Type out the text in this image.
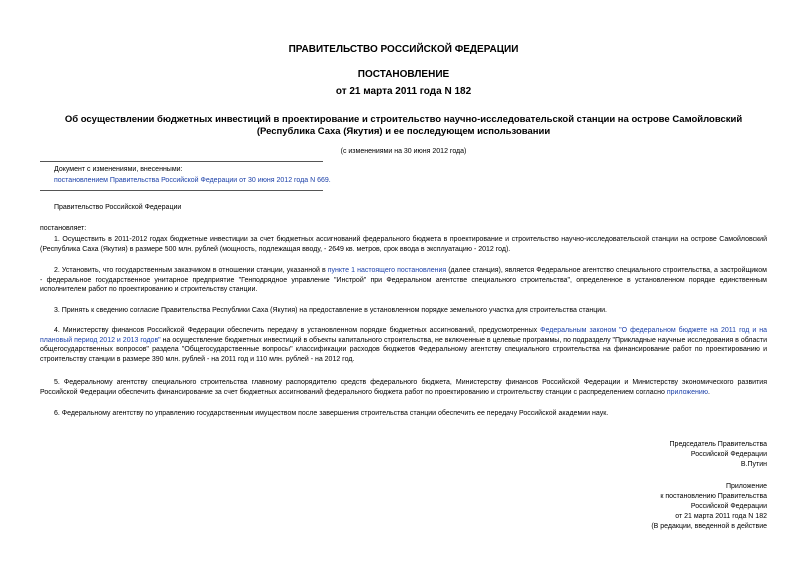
ПРАВИТЕЛЬСТВО РОССИЙСКОЙ ФЕДЕРАЦИИ
ПОСТАНОВЛЕНИЕ
от 21 марта 2011 года N 182
Об осуществлении бюджетных инвестиций в проектирование и строительство научно-исследовательской станции на острове Самойловский (Республика Саха (Якутия) и ее последующем использовании
(с изменениями на 30 июня 2012 года)
Документ с изменениями, внесенными:
постановлением Правительства Российской Федерации от 30 июня 2012 года N 669.
Правительство Российской Федерации
постановляет:
1. Осуществить в 2011-2012 годах бюджетные инвестиции за счет бюджетных ассигнований федерального бюджета в проектирование и строительство научно-исследовательской станции на острове Самойловский (Республика Саха (Якутия) в размере 500 млн. рублей (мощность, подлежащая вводу, - 2649 кв. метров, срок ввода в эксплуатацию - 2012 год).
2. Установить, что государственным заказчиком в отношении станции, указанной в пункте 1 настоящего постановления (далее станция), является Федеральное агентство специального строительства, а застройщиком - федеральное государственное унитарное предприятие "Генподрядное управление "Инстрой" при Федеральном агентстве специального строительства", определенное в установленном порядке единственным исполнителем работ по проектированию и строительству станции.
3. Принять к сведению согласие Правительства Республики Саха (Якутия) на предоставление в установленном порядке земельного участка для строительства станции.
4. Министерству финансов Российской Федерации обеспечить передачу в установленном порядке бюджетных ассигнований, предусмотренных Федеральным законом "О федеральном бюджете на 2011 год и на плановый период 2012 и 2013 годов" на осуществление бюджетных инвестиций в объекты капитального строительства, не включенные в целевые программы, по подразделу "Прикладные научные исследования в области общегосударственных вопросов" раздела "Общегосударственные вопросы" классификации расходов бюджетов Федеральному агентству специального строительства на финансирование работ по проектированию и строительству станции в размере 390 млн. рублей - на 2011 год и 110 млн. рублей - на 2012 год.
5. Федеральному агентству специального строительства главному распорядителю средств федерального бюджета, Министерству финансов Российской Федерации и Министерству экономического развития Российской Федерации обеспечить финансирование за счет бюджетных ассигнований федерального бюджета работ по проектированию и строительству станции с распределением согласно приложению.
6. Федеральному агентству по управлению государственным имуществом после завершения строительства станции обеспечить ее передачу Российской академии наук.
Председатель Правительства
Российской Федерации
В.Путин
Приложение
к постановлению Правительства
Российской Федерации
от 21 марта 2011 года N 182
(В редакции, введенной в действие
